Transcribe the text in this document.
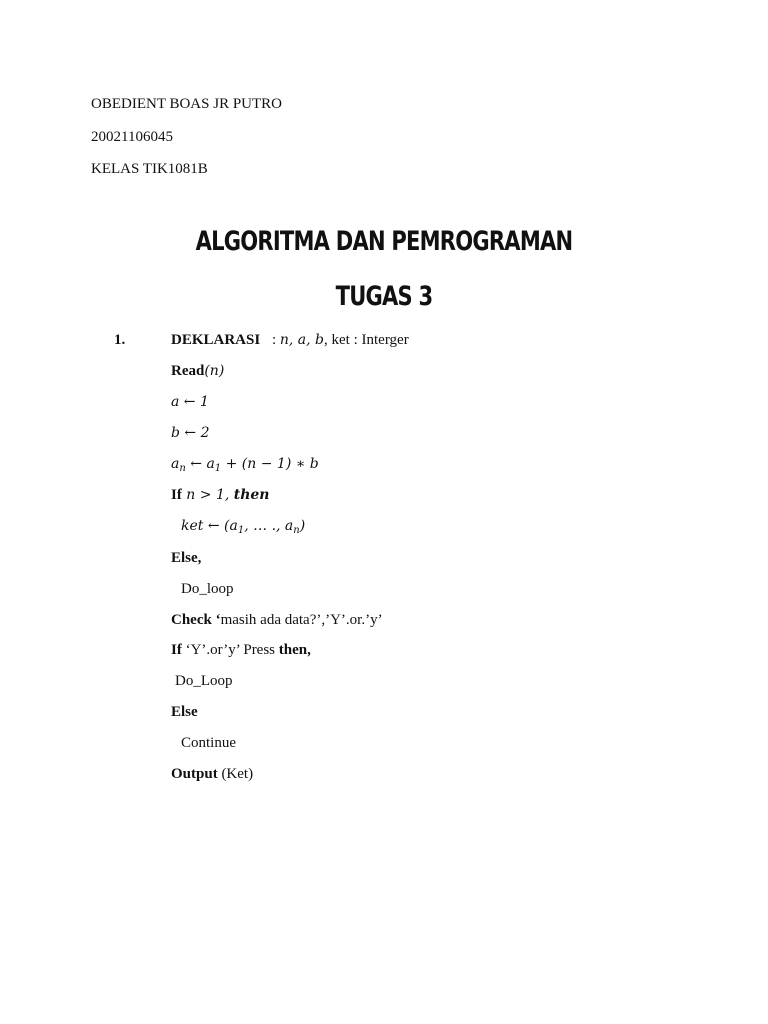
OBEDIENT BOAS JR PUTRO
20021106045
KELAS TIK1081B
ALGORITMA DAN PEMROGRAMAN
TUGAS 3
1.	DEKLARASI : n, a, b, ket : Interger
Read(n)
a ← 1
b ← 2
$a_n$ ← $a_1 + (n - 1)$ ∗ b
If n > 1, then
ket ← ($a_1$, … ., $a_n$)
Else,
Do_loop
Check ‘masih ada data?’,’Y’.or.’y’
If ‘Y’.or’y’ Press then,
Do_Loop
Else
Continue
Output (Ket)
